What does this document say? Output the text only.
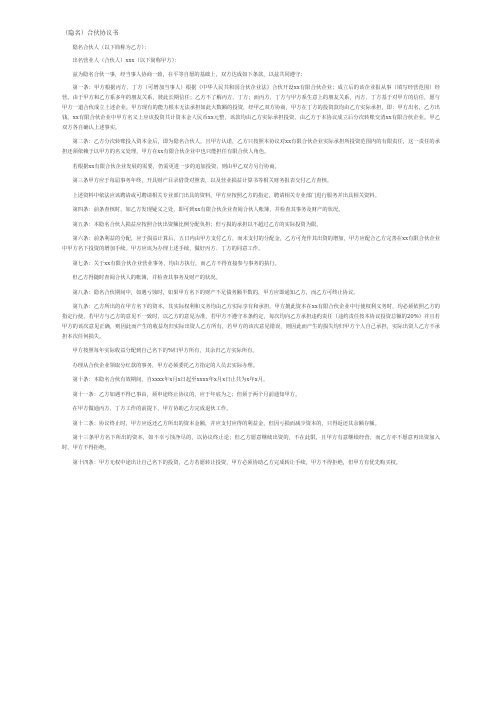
（隐名）合伙协议书

隐名合伙人（以下简称为乙方）：

出名营业人（合伙人）xxx（以下简称甲方）：

兹为隐名合伙一事，经当事人协商一致，在平等自愿的基础上，双方达成如下条款，以兹共同遵守：

第一条：甲方根据丙方、丁方（可增加当事人）根据《中华人民共和国合伙企业法》合伙开设xx有限合伙企业；成立后的该企业报从事（填写经营范围）经营。由于甲方和乙方系多年的朋友关系，彼此长期信任；乙方不了解丙方、丁方；而丙方、丁方与甲方系生意上的朋友关系，丙方、丁方基于对甲方的信任，愿与甲方一道合伙成立上述企业。甲方现有的能力根本无法承担如此大数额的投资，经甲乙双方协商，甲方在丁方的投资款均由乙方实际承担，即：甲方出名，乙方出钱。xx有限合伙企业中甲方名义上应该投资共计资本金人民币xx元整，该款均由乙方实际承担投资，由乙方于本协议成立后分次转账交清xx有限合伙企业。甲乙双方各自确认上述事实。

第二条：乙方分次转账投入资本金后，即为隐名合伙人，且甲方认诺，乙方只按照本协议对xx有限合伙企业实际承担所投资范围内的有限责任，这一责任的承担还须依赖于以甲方的名义处理，甲方在xx有限合伙企业中也只能担任有限合伙人角色。

若根据xx有限合伙企业发展的需要，仍需更进一步的追加投资，则由甲乙双方另行协商。

第三条甲方应于每届事务年终，开具财产目录借贷对照表，以及营业损益计算书等相关财务报表交付乙方查核。

上述资料中依法应该聘请或可聘请相关专业部门出具的资料，甲方应按照乙方的指定，聘请相关专业部门进行服务并出具相关资料。

第四条：前条查核时，如乙方发现疑义之处，即可到xx有限合伙企业查阅合伙人帐簿，并检查其事务及财产的状况。

第五条：本隐名合伙人损益应按照合伙出资额比例分配负担；但亏损的承担以不超过乙方的实际投资为限。

第六条：前条利益的分配，应于损益计算后，五日内由甲方支付乙方，而未支付的分配金，乙方可充作其出资的增加，甲方应配合乙方完善在xx有限合伙企业中甲方名下投资的增加手续。甲方应该为办理上述手续，做好丙方、丁方的同意工作。

第七条：关于xx有限合伙企业营业事务，均由方执行，而乙方不得直接参与事务的执行。

但乙方得随时查阅合伙人的帐簿，并检查其事务及财产的状况。

第八条：隐名合伙期间中，如遇亏蚀时，如果甲方名下的财产不足债务额半数的，甲方应即通知乙方，而乙方可终止协议。

第九条：乙方所出的在甲方名下的资本，其实际权利和义务均由乙方实际享有和承担，甲方擅此资本在xx有限合伙企业中行使权利义务时，均必须依照乙方的指定行使，若甲方与乙方的意见不一致时，以乙方的意见为准，若甲方不遵守本条约定，每次均向乙方承担违约责任（违约责任按本协议投资总额的20%）并且若甲方的该次意见正确，则因此而产生的收益均归实际出资人乙方所有，若甲方的该次意见错误，则因此而产生的损失均归甲方个人自己承担，实际出资人乙方不承担本次任何损失。

甲方按照每年实际收益分配到自己名下的%归甲方所有，其余归乙方实际所有。

办理从合伙企业领取分红款的事务，甲方必须委托乙方指定的人员去实际办理。

第十条：本隐名合伙有效期间，自xxxx年x月x日起至xxxx年x月x日止共为x年x月。

第十一条：乙方如遇不得已事由，须申途终止协议的，应于年底为之；但须于两个月前通知甲方。

在甲方做通丙方、丁方工作的前提下，甲方协助乙方完成退伙工作。

第十二条：协议终止时，甲方应返还乙方所出的资本金额，并应支付应得的利益金，但因亏损而减少资本的，只得返还其余额存额。

第十三条甲方名下所出的资本，如不幸亏蚀净尽的，以协议终止论；但乙方愿意继续出资的，不在此限，且甲方有意继续经营，而乙方亦不愿意再出资加入时，甲方不得拒绝。

第十四条：甲方无权中途出让自己名下的投资，乙方若愿转让投资，甲方必须协助乙方完成转让手续，甲方不得拒绝，但甲方有优先购买权。
